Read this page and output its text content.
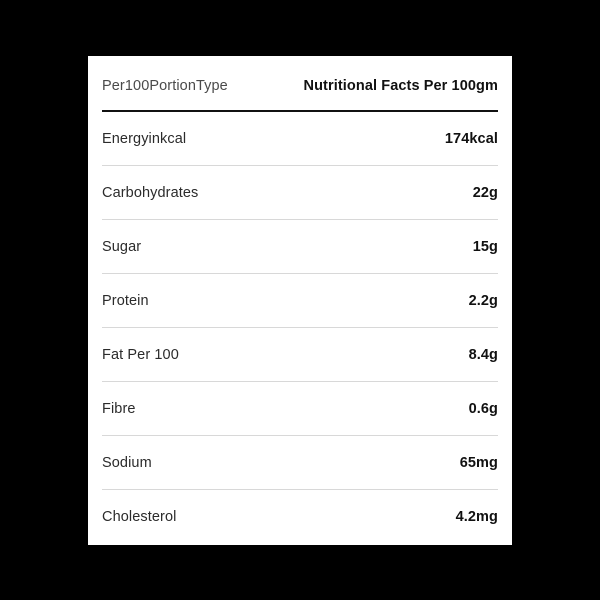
Per100PortionType	Nutritional Facts Per 100gm
Energyinkcal	174kcal
Carbohydrates	22g
Sugar	15g
Protein	2.2g
Fat Per 100	8.4g
Fibre	0.6g
Sodium	65mg
Cholesterol	4.2mg
